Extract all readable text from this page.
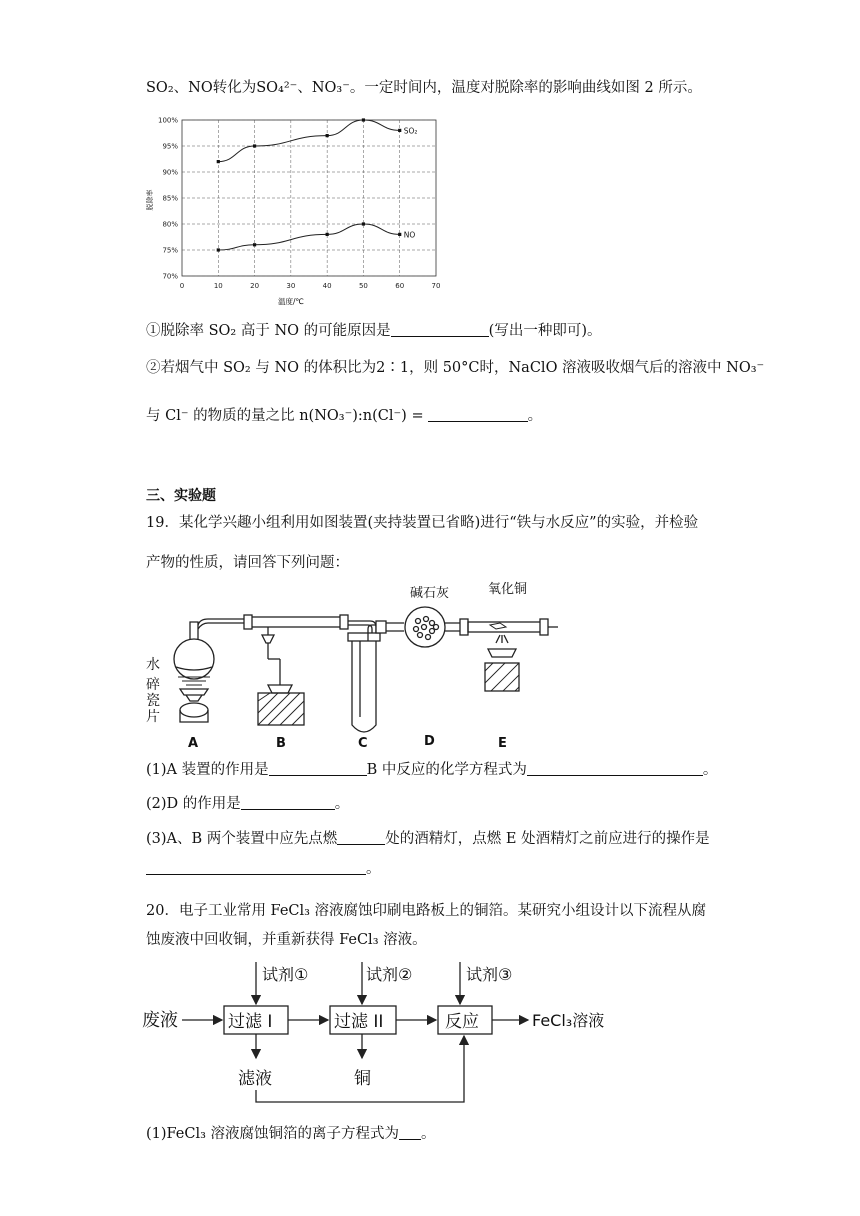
SO₂、NO转化为SO₄²⁻、NO₃⁻。一定时间内，温度对脱除率的影响曲线如图 2 所示。
70%
75%
80%
85%
90%
95%
100%
0	10	20	30	40	50	60	70
SO₂
NO
脱除率
温度/℃
①脱除率 SO₂ 高于 NO 的可能原因是	(写出一种即可)。
②若烟气中 SO₂ 与 NO 的体积比为2∶1，则 50°C时，NaClO 溶液吸收烟气后的溶液中 NO₃⁻
与 Cl⁻ 的物质的量之比 n(NO₃⁻):n(Cl⁻) =	。
三、实验题
19．某化学兴趣小组利用如图装置(夹持装置已省略)进行“铁与水反应”的实验，并检验
产物的性质，请回答下列问题：
碱石灰	氧化铜
水
碎
瓷
片
A	B	C	D	E
(1)A 装置的作用是	B 中反应的化学方程式为	。
(2)D 的作用是	。
(3)A、B 两个装置中应先点燃	处的酒精灯，点燃 E 处酒精灯之前应进行的操作是
。
20．电子工业常用 FeCl₃ 溶液腐蚀印刷电路板上的铜箔。某研究小组设计以下流程从腐
蚀废液中回收铜，并重新获得 FeCl₃ 溶液。
废液	过滤 I	过滤 II	反应	FeCl₃溶液
试剂①	试剂②	试剂③
滤液	铜
(1)FeCl₃ 溶液腐蚀铜箔的离子方程式为 。
